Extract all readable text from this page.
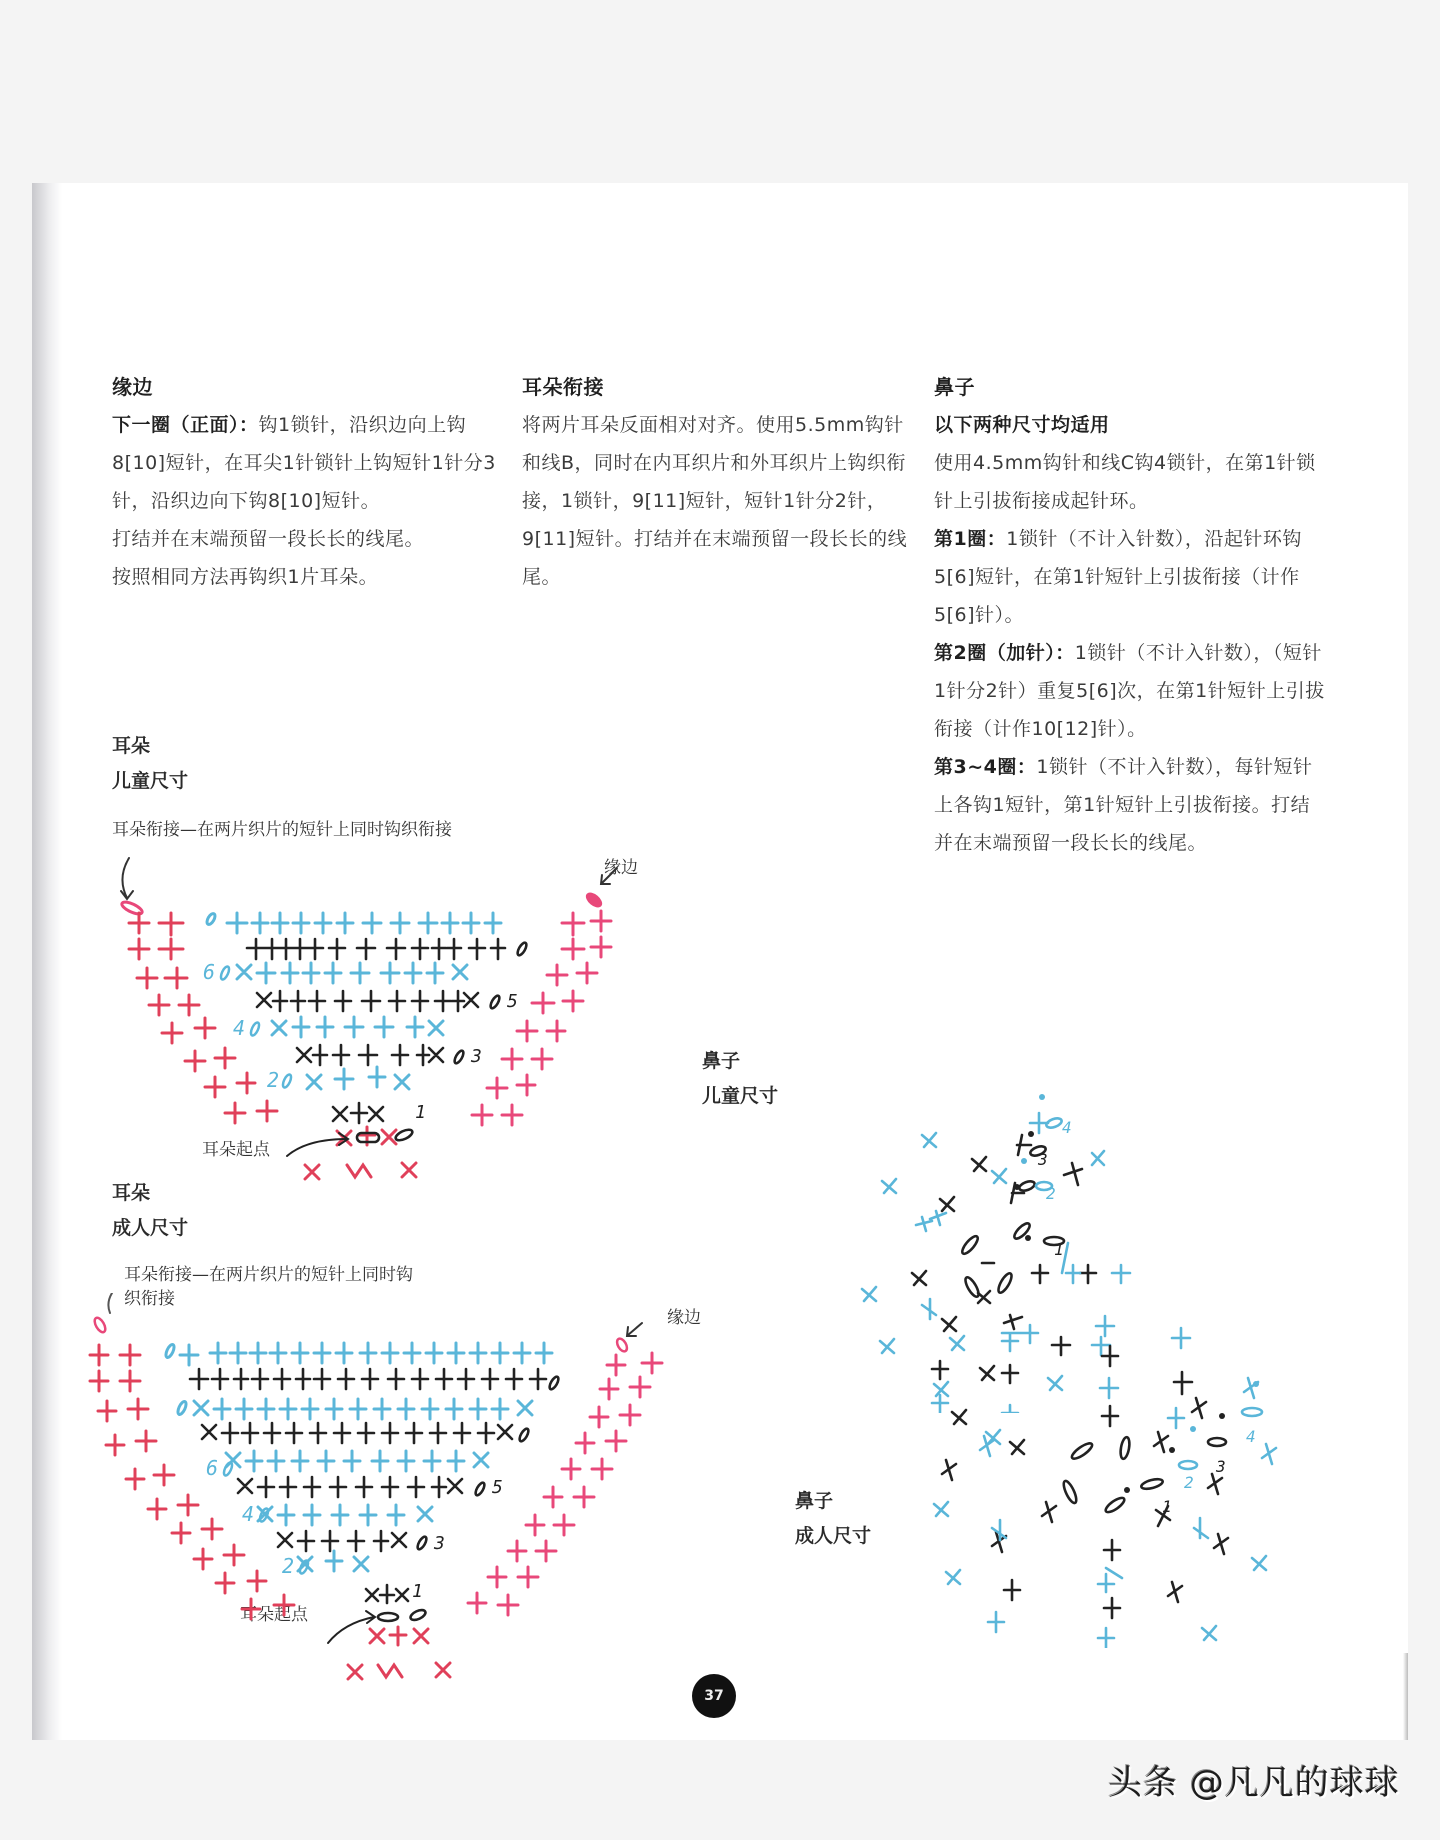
缘边

下一圈（正面）：钩1锁针，沿织边向上钩8[10]短针，在耳尖1针锁针上钩短针1针分3针，沿织边向下钩8[10]短针。

打结并在末端预留一段长长的线尾。

按照相同方法再钩织1片耳朵。

耳朵衔接

将两片耳朵反面相对对齐。使用5.5mm钩针和线B，同时在内耳织片和外耳织片上钩织衔接，1锁针，9[11]短针，短针1针分2针，9[11]短针。打结并在末端预留一段长长的线尾。

鼻子

以下两种尺寸均适用

使用4.5mm钩针和线C钩4锁针，在第1针锁针上引拔衔接成起针环。

第1圈：1锁针（不计入针数），沿起针环钩5[6]短针，在第1针短针上引拔衔接（计作5[6]针）。

第2圈（加针）：1锁针（不计入针数），（短针1针分2针）重复5[6]次，在第1针短针上引拔衔接（计作10[12]针）。

第3~4圈：1锁针（不计入针数），每针短针上各钩1短针，第1针短针上引拔衔接。打结并在末端预留一段长长的线尾。

耳朵
儿童尺寸
耳朵衔接—在两片织片的短针上同时钩织衔接
缘边
耳朵起点
6
4
2
5
3
1
鼻子
儿童尺寸
1
2
3
4
耳朵
成人尺寸
耳朵衔接—在两片织片的短针上同时钩
织衔接
缘边
耳朵起点
6
4
2
5
3
1
鼻子
成人尺寸
1
2
3
4
37
头条 @凡凡的球球
